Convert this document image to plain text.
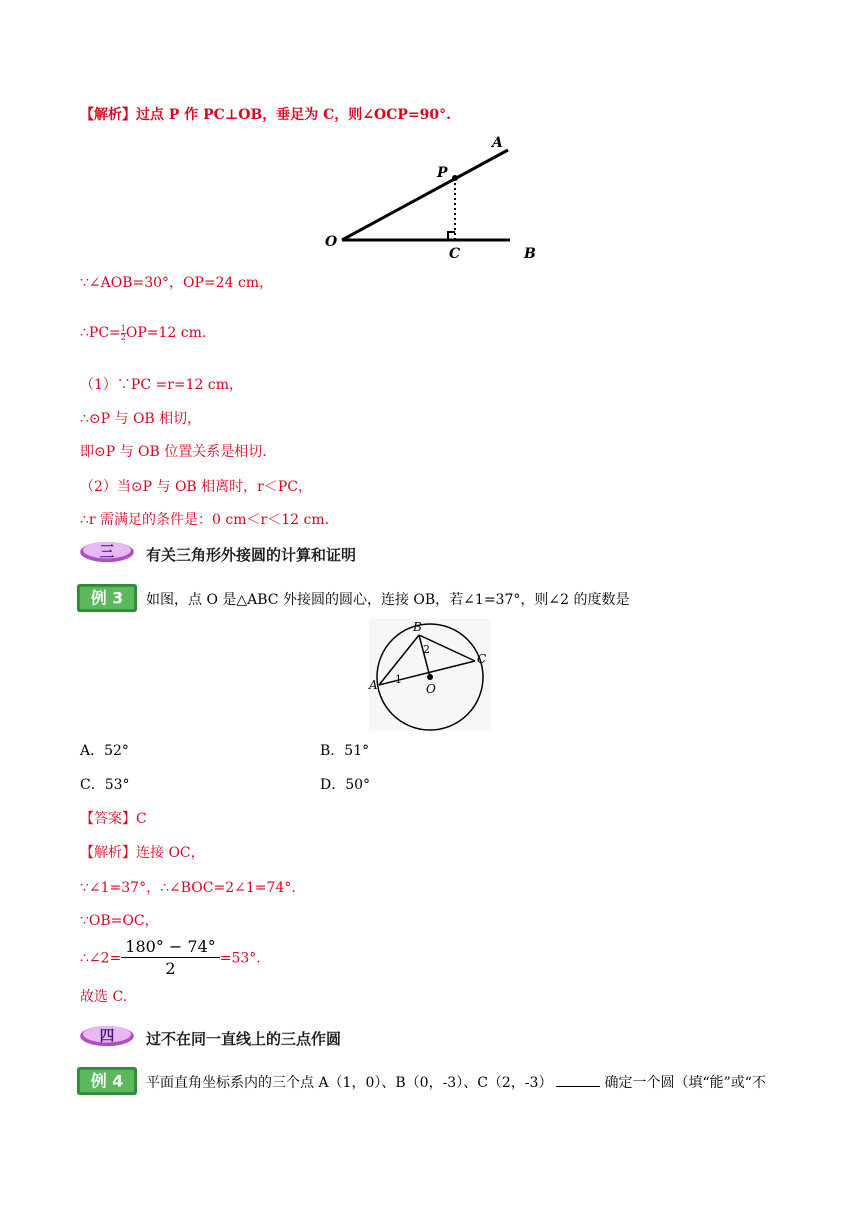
【解析】过点 P 作 PC⊥OB，垂足为 C，则∠OCP=90°.
O
P
C	B
A
∵∠AOB=30°，OP=24 cm，
∴PC= $\frac{1}{2} OP=12$ cm.
（1）∵PC =r=12 cm，
∴⊙P 与 OB 相切，
即⊙P 与 OB 位置关系是相切.
（2）当⊙P 与 OB 相离时，r＜PC，
∴r 需满足的条件是：0 cm＜r＜12 cm.
三 有关三角形外接圆的计算和证明
例 3 如图，点 O 是△ABC 外接圆的圆心，连接 OB，若∠1=37°，则∠2 的度数是
A
B
C
O
1
2
A．52°	B．51°
C．53°	D．50°
【答案】C
【解析】连接 OC，
∵∠1=37°，∴∠BOC=2∠1=74°.
∵OB=OC，
∴∠2= $\frac{180^\circ - 74^\circ}{2} =53^\circ$.
故选 C.
四 过不在同一直线上的三点作圆
例 4 平面直角坐标系内的三个点 A（1，0）、B（0，-3）、C（2，-3）	确定一个圆（填“能”或“不
